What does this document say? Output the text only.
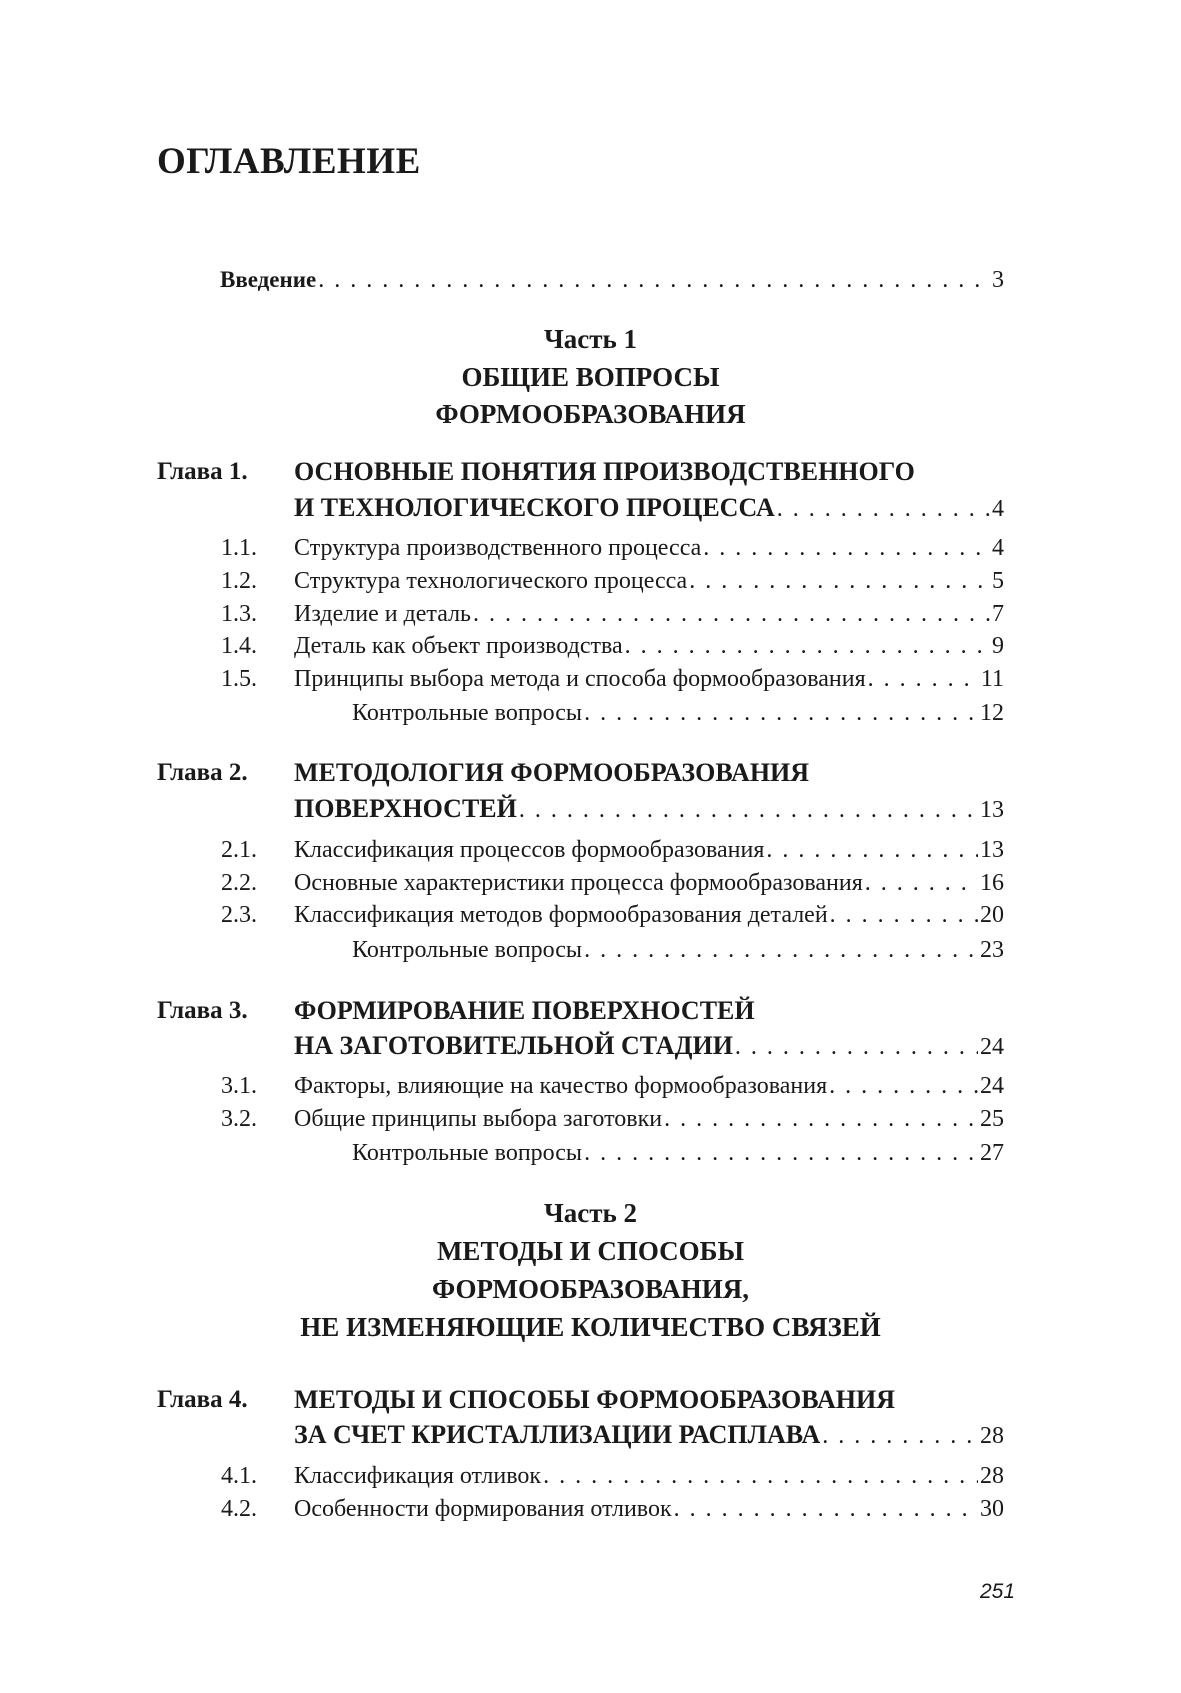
ОГЛАВЛЕНИЕ
Введение . . .	3
Часть 1
ОБЩИЕ ВОПРОСЫ
ФОРМООБРАЗОВАНИЯ
Глава 1. ОСНОВНЫЕ ПОНЯТИЯ ПРОИЗВОДСТВЕННОГО
И ТЕХНОЛОГИЧЕСКОГО ПРОЦЕССА . . .	4
1.1. Структура производственного процесса . . .	4
1.2. Структура технологического процесса . . .	5
1.3. Изделие и деталь . . .	7
1.4. Деталь как объект производства . . .	9
1.5. Принципы выбора метода и способа формообразования . . .	11
Контрольные вопросы . . .	12
Глава 2. МЕТОДОЛОГИЯ ФОРМООБРАЗОВАНИЯ
ПОВЕРХНОСТЕЙ . . .	13
2.1. Классификация процессов формообразования . . .	13
2.2. Основные характеристики процесса формообразования . . .	16
2.3. Классификация методов формообразования деталей . . .	20
Контрольные вопросы . . .	23
Глава 3. ФОРМИРОВАНИЕ ПОВЕРХНОСТЕЙ
НА ЗАГОТОВИТЕЛЬНОЙ СТАДИИ . . .	24
3.1. Факторы, влияющие на качество формообразования . . .	24
3.2. Общие принципы выбора заготовки . . .	25
Контрольные вопросы . . .	27
Часть 2
МЕТОДЫ И СПОСОБЫ
ФОРМООБРАЗОВАНИЯ,
НЕ ИЗМЕНЯЮЩИЕ КОЛИЧЕСТВО СВЯЗЕЙ
Глава 4. МЕТОДЫ И СПОСОБЫ ФОРМООБРАЗОВАНИЯ
ЗА СЧЕТ КРИСТАЛЛИЗАЦИИ РАСПЛАВА . . .	28
4.1. Классификация отливок . . .	28
4.2. Особенности формирования отливок . . .	30
251
